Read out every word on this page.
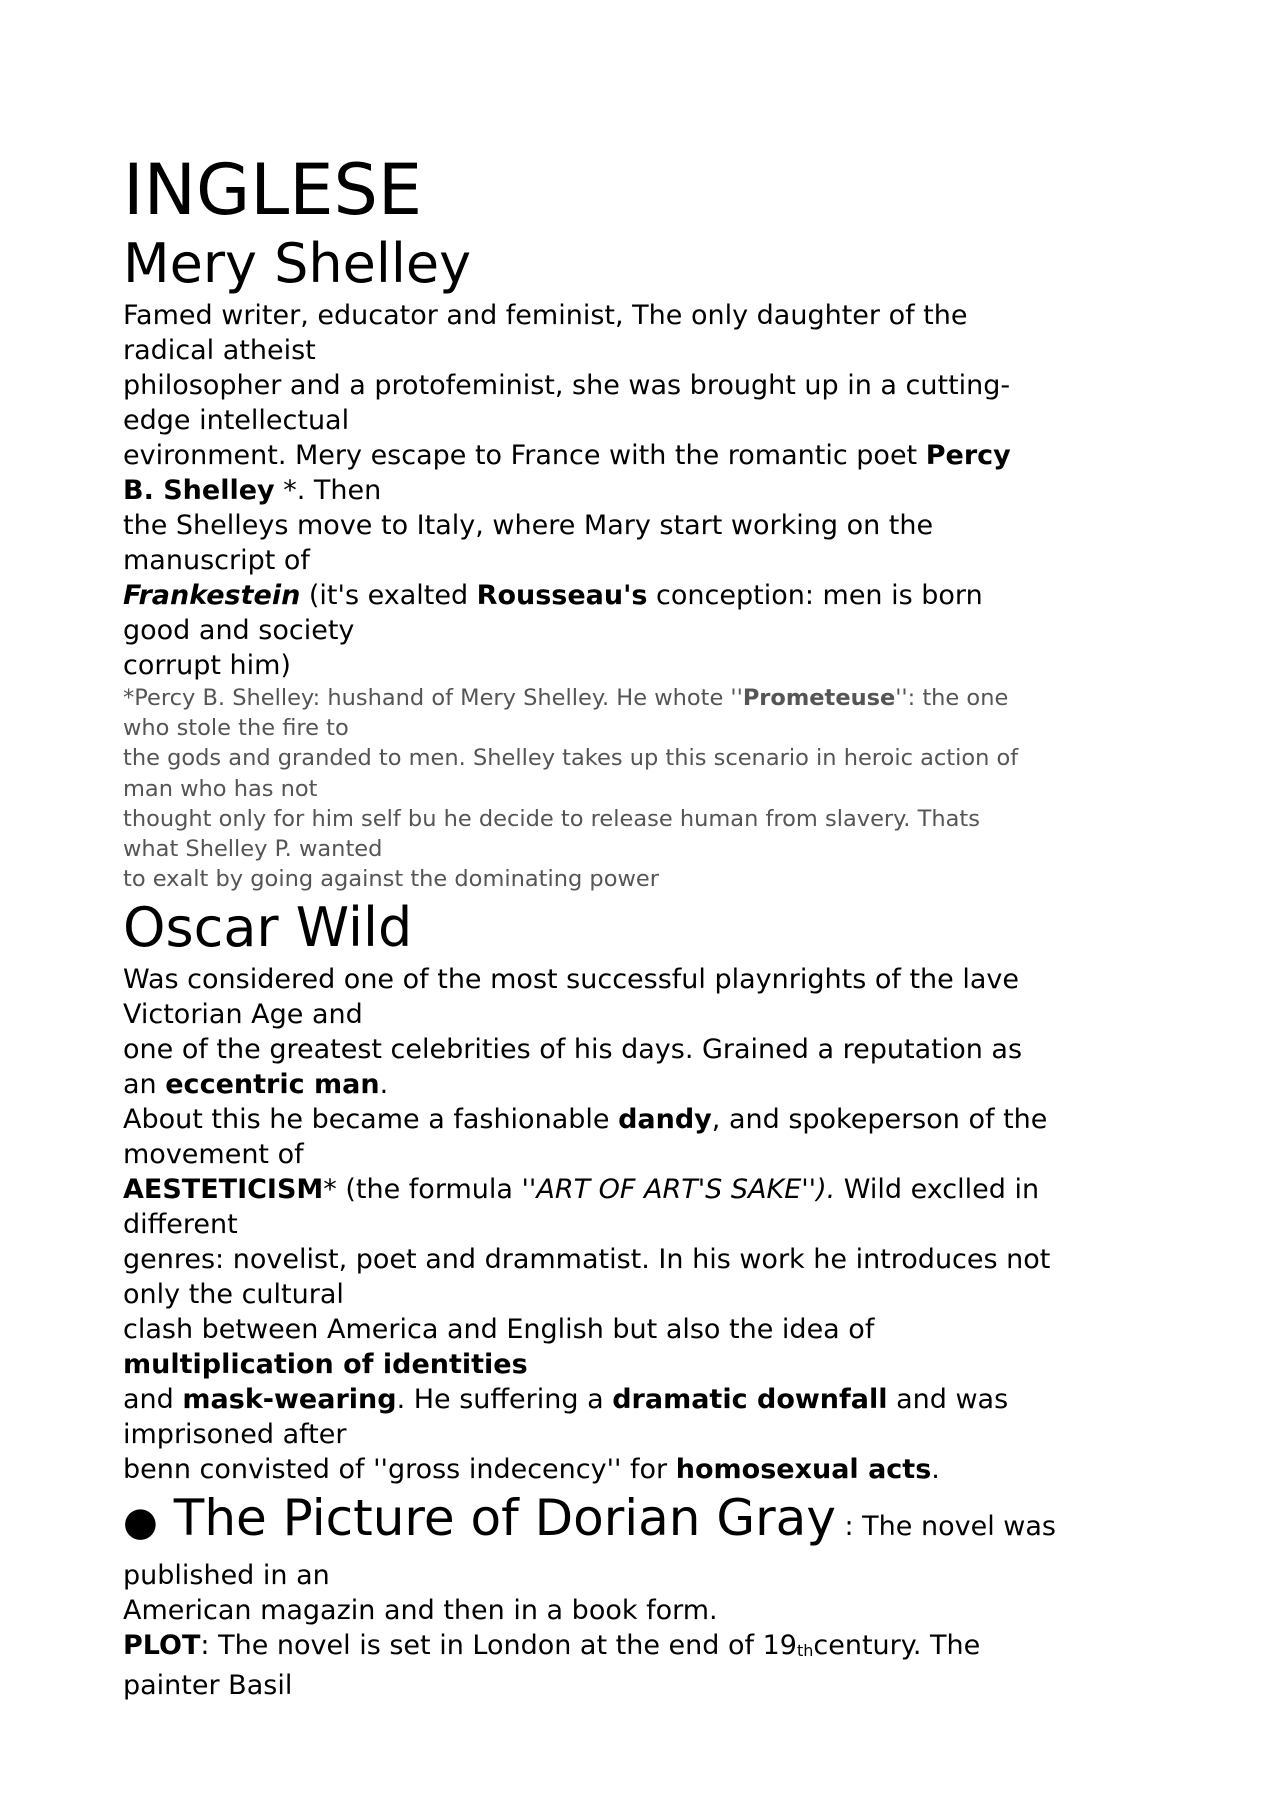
INGLESE
Mery Shelley
Famed writer, educator and feminist, The only daughter of the
radical atheist
philosopher and a protofeminist, she was brought up in a cutting-
edge intellectual
evironment. Mery escape to France with the romantic poet Percy
B. Shelley *. Then
the Shelleys move to Italy, where Mary start working on the
manuscript of
Frankestein (it's exalted Rousseau's conception: men is born
good and society
corrupt him)
*Percy B. Shelley: hushand of Mery Shelley. He whote ''Prometeuse'': the one
who stole the fire to
the gods and granded to men. Shelley takes up this scenario in heroic action of
man who has not
thought only for him self bu he decide to release human from slavery. Thats
what Shelley P. wanted
to exalt by going against the dominating power
Oscar Wild
Was considered one of the most successful playnrights of the lave
Victorian Age and
one of the greatest celebrities of his days. Grained a reputation as
an eccentric man.
About this he became a fashionable dandy, and spokeperson of the
movement of
AESTETICISM* (the formula ''ART OF ART'S SAKE''). Wild exclled in
different
genres: novelist, poet and drammatist. In his work he introduces not
only the cultural
clash between America and English but also the idea of
multiplication of identities
and mask-wearing. He suffering a dramatic downfall and was
imprisoned after
benn convisted of ''gross indecency'' for homosexual acts.
● The Picture of Dorian Gray : The novel was
published in an
American magazin and then in a book form.
PLOT: The novel is set in London at the end of $19_{th}century$. The
painter Basil
